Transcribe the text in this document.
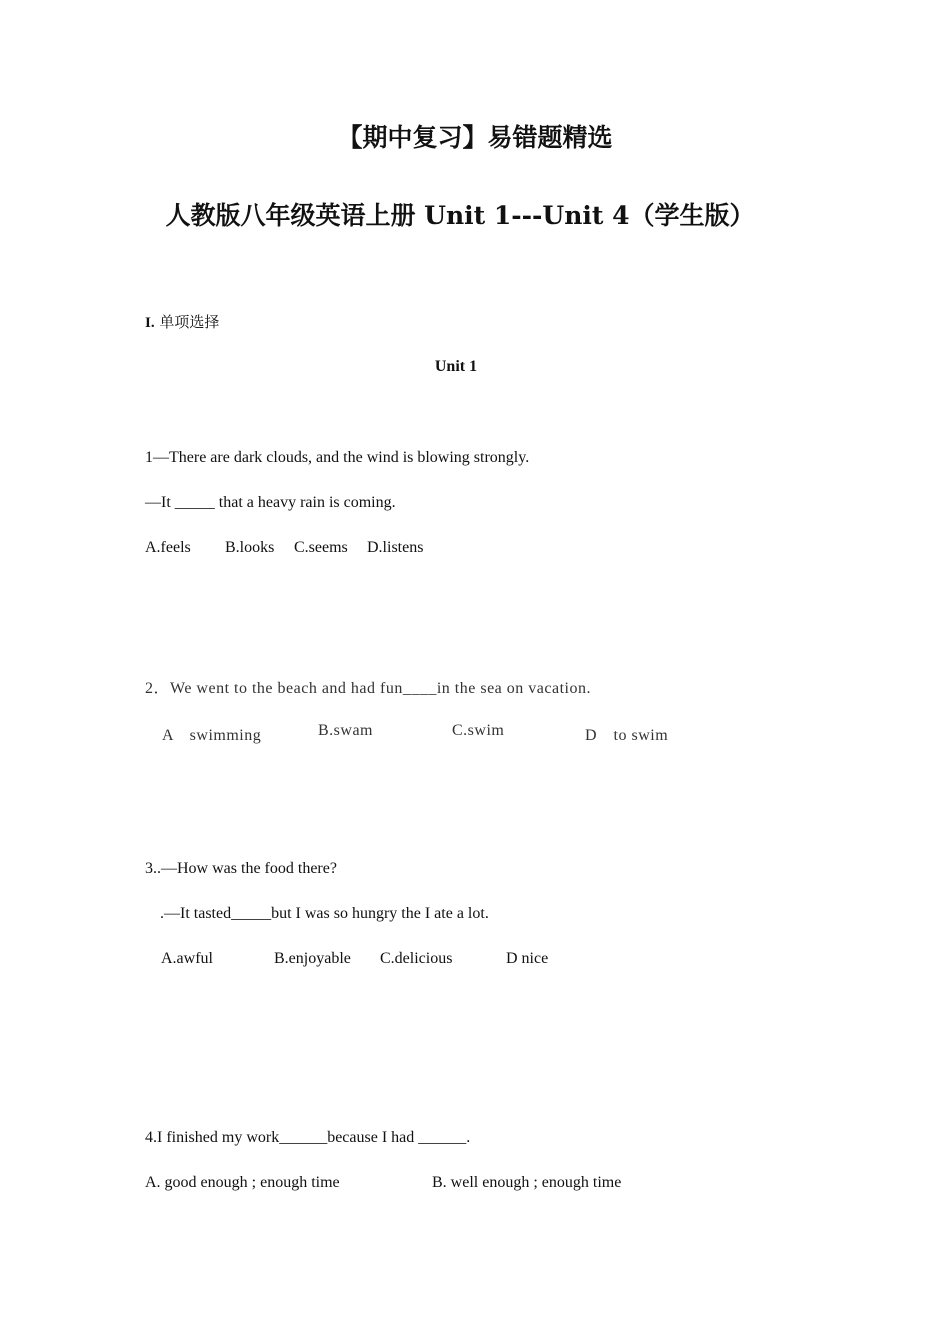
【期中复习】易错题精选
人教版八年级英语上册 Unit 1---Unit 4（学生版）
I. 单项选择
Unit 1
1—There are dark clouds, and the wind is blowing strongly.
—It _____ that a heavy rain is coming.
A.feels B.looks C.seems D.listens
2．We went to the beach and had fun____in the sea on vacation.
A　swimming	B.swam	C.swim	D　to swim
3..—How was the food there?
.—It tasted_____but I was so hungry the I ate a lot.
A.awful	B.enjoyable C.delicious	D nice
4.I finished my work______because I had ______.
A. good enough ; enough time	B. well enough ; enough time
